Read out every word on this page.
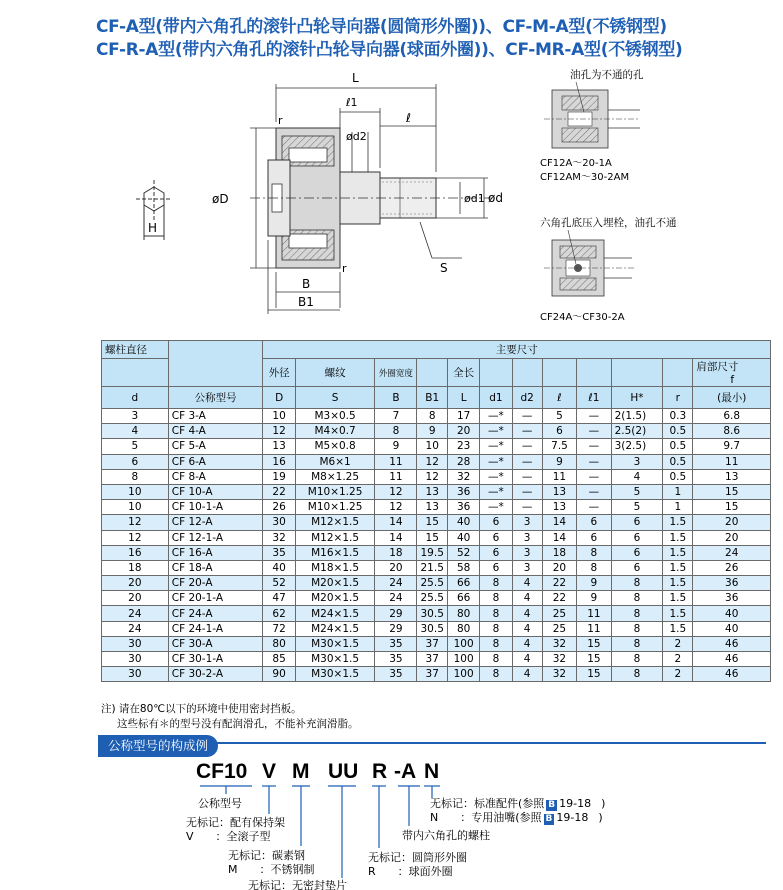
CF-A型(带内六角孔的滚针凸轮导向器(圆筒形外圈))、CF-M-A型(不锈钢型)
CF-R-A型(带内六角孔的滚针凸轮导向器(球面外圈))、CF-MR-A型(不锈钢型)
H
L
ℓ1
ℓ
ød2
øD	ød1 ød
r
r
B
B1
S
油孔为不通的孔
CF12A～20-1A
CF12AM～30-2AM
六角孔底压入埋栓，油孔不通
CF24A～CF30-2A
螺柱直径		主要尺寸											
		外径	螺纹	外圈宽度		全长							肩部尺寸
f

d	公称型号	D	S	B	B1	L	d1	d2	ℓ	ℓ1	H*	r	(最小)
3	CF 3-A	10	M3×0.5	7	8	17	—*	—	5	—	2(1.5)	0.3	6.8
4	CF 4-A	12	M4×0.7	8	9	20	—*	—	6	—	2.5(2)	0.5	8.6
5	CF 5-A	13	M5×0.8	9	10	23	—*	—	7.5	—	3(2.5)	0.5	9.7
6	CF 6-A	16	M6×1	11	12	28	—*	—	9	—	3	0.5	11
8	CF 8-A	19	M8×1.25	11	12	32	—*	—	11	—	4	0.5	13
10	CF 10-A	22	M10×1.25	12	13	36	—*	—	13	—	5	1	15
10	CF 10-1-A	26	M10×1.25	12	13	36	—*	—	13	—	5	1	15
12	CF 12-A	30	M12×1.5	14	15	40	6	3	14	6	6	1.5	20
12	CF 12-1-A	32	M12×1.5	14	15	40	6	3	14	6	6	1.5	20
16	CF 16-A	35	M16×1.5	18	19.5	52	6	3	18	8	6	1.5	24
18	CF 18-A	40	M18×1.5	20	21.5	58	6	3	20	8	6	1.5	26
20	CF 20-A	52	M20×1.5	24	25.5	66	8	4	22	9	8	1.5	36
20	CF 20-1-A	47	M20×1.5	24	25.5	66	8	4	22	9	8	1.5	36
24	CF 24-A	62	M24×1.5	29	30.5	80	8	4	25	11	8	1.5	40
24	CF 24-1-A	72	M24×1.5	29	30.5	80	8	4	25	11	8	1.5	40
30	CF 30-A	80	M30×1.5	35	37	100	8	4	32	15	8	2	46
30	CF 30-1-A	85	M30×1.5	35	37	100	8	4	32	15	8	2	46
30	CF 30-2-A	90	M30×1.5	35	37	100	8	4	32	15	8	2	46
注) 请在80℃以下的环境中使用密封挡板。
这些标有＊的型号没有配润滑孔，不能补充润滑脂。
公称型号的构成例
CF10 V M UU R -A N
公称型号
无标记：配有保持架
V　　：全滚子型
无标记：碳素钢
M　　：不锈钢制
无标记：无密封垫片
无标记：圆筒形外圈
R　　：球面外圈
带内六角孔的螺柱
无标记：标准配件(参照 B 19-18 )
N　　：专用油嘴(参照 B 19-18 )
